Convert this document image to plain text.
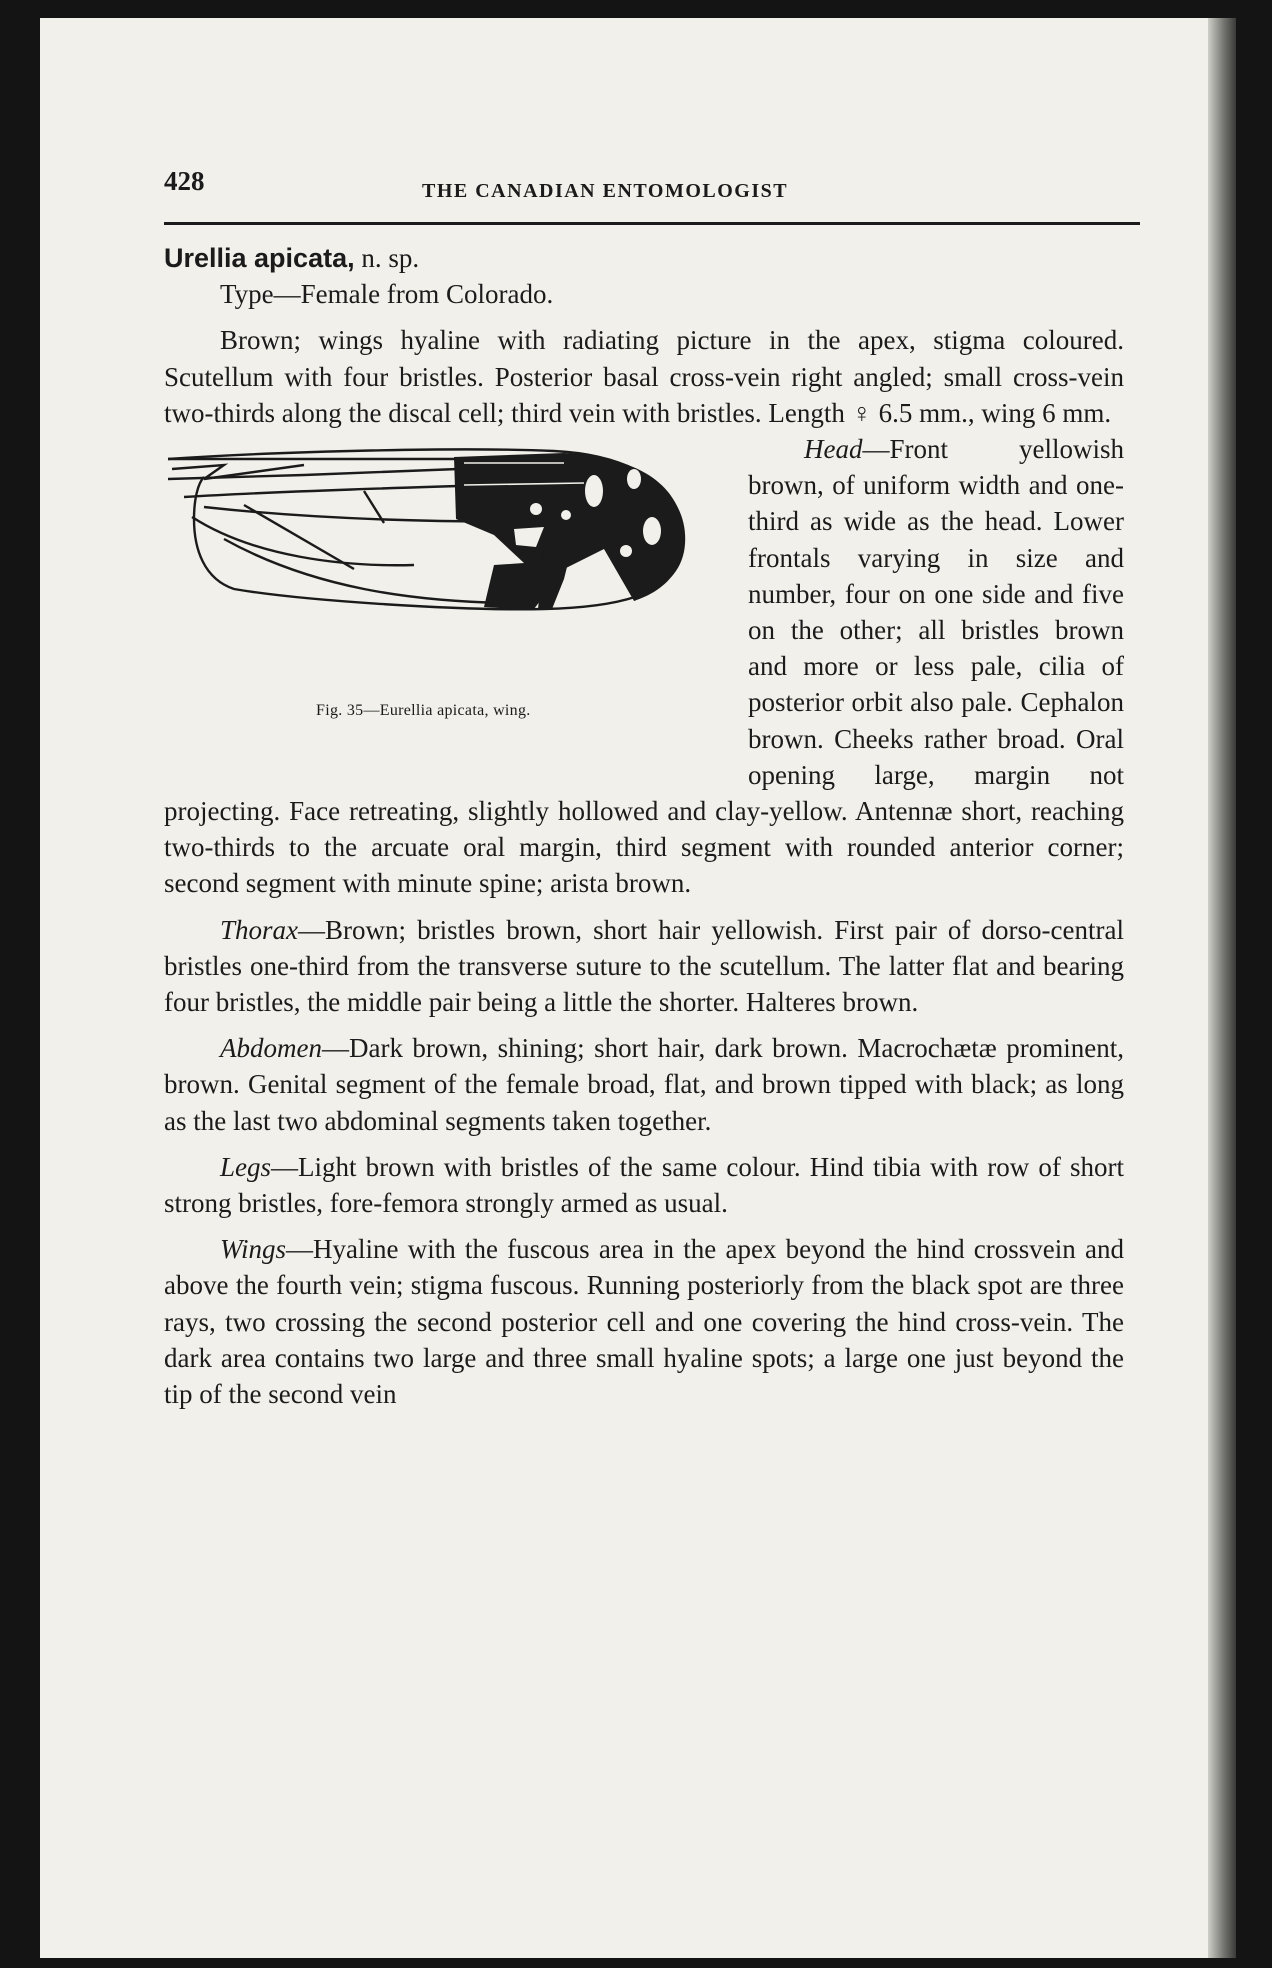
428	THE CANADIAN ENTOMOLOGIST

Urellia apicata, n. sp.

Type—Female from Colorado.

Brown; wings hyaline with radiating picture in the apex, stigma coloured. Scutellum with four bristles. Posterior basal cross-vein right angled; small cross-vein two-thirds along the discal cell; third vein with bristles. Length ♀ 6.5 mm., wing 6 mm.

Head
Fig. 35—Eurellia apicata, wing.
—Front yellowish brown, of uniform width and one-third as wide as the head. Lower frontals varying in size and number, four on one side and five on the other; all bristles brown and more or less pale, cilia of posterior orbit also pale. Cephalon brown. Cheeks rather broad. Oral opening large, margin not projecting. Face retreating, slightly hollowed and clay-yellow. Antennæ short, reaching two-thirds to the arcuate oral margin, third segment with rounded anterior corner; second segment with minute spine; arista brown.

Thorax—Brown; bristles brown, short hair yellowish. First pair of dorso-central bristles one-third from the transverse suture to the scutellum. The latter flat and bearing four bristles, the middle pair being a little the shorter. Halteres brown.

Abdomen—Dark brown, shining; short hair, dark brown. Macrochætæ prominent, brown. Genital segment of the female broad, flat, and brown tipped with black; as long as the last two abdominal segments taken together.

Legs—Light brown with bristles of the same colour. Hind tibia with row of short strong bristles, fore-femora strongly armed as usual.

Wings—Hyaline with the fuscous area in the apex beyond the hind crossvein and above the fourth vein; stigma fuscous. Running posteriorly from the black spot are three rays, two crossing the second posterior cell and one covering the hind cross-vein. The dark area contains two large and three small hyaline spots; a large one just beyond the tip of the second vein
